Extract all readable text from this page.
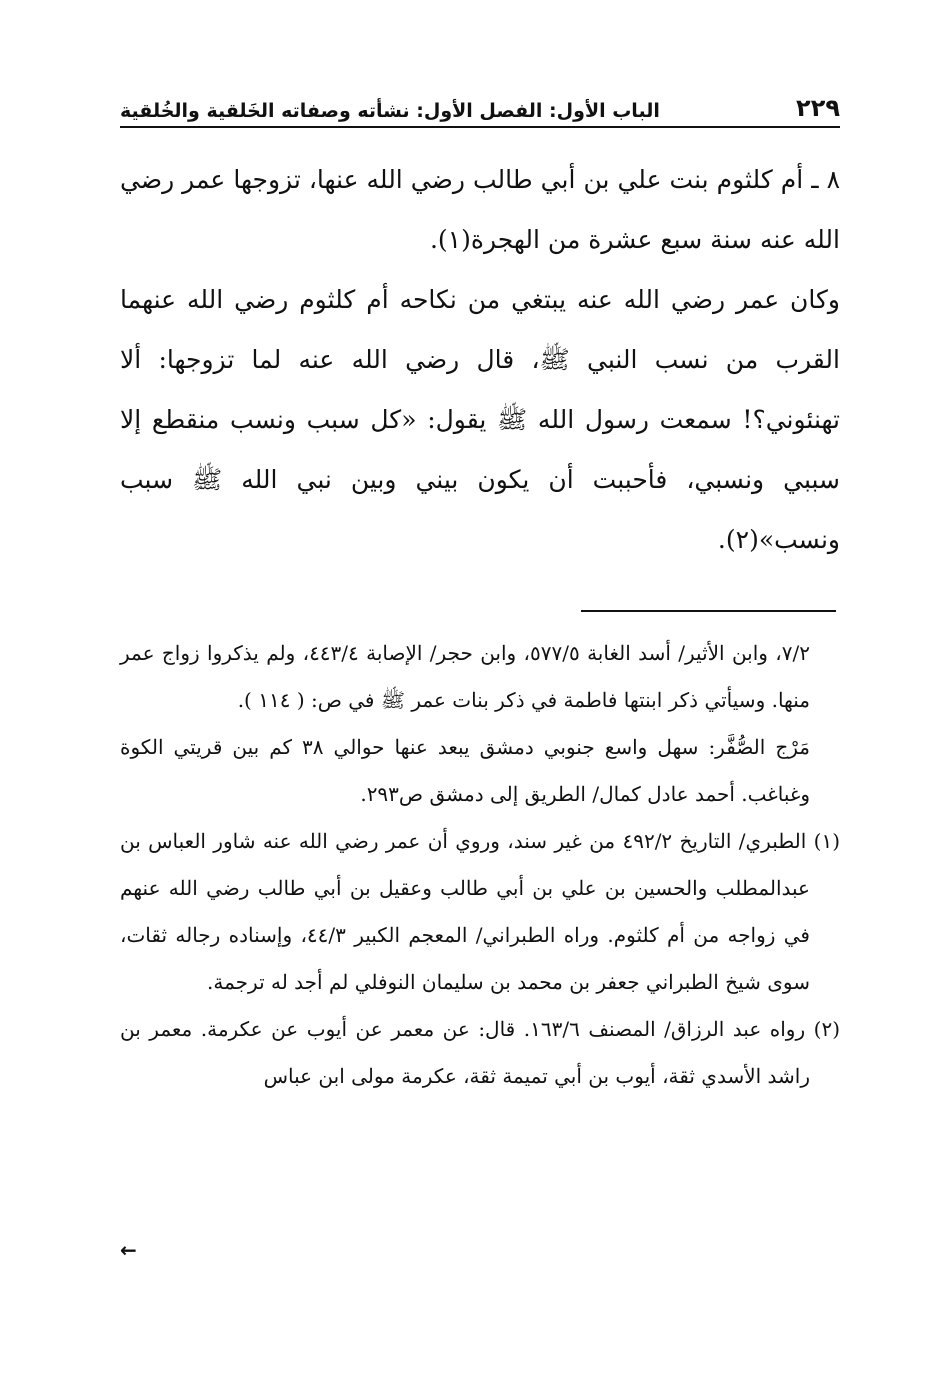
٢٢٩
الباب الأول: الفصل الأول: نشأته وصفاته الخَلقية والخُلقية

٨ ـ أم كلثوم بنت علي بن أبي طالب رضي الله عنها، تزوجها عمر رضي الله عنه سنة سبع عشرة من الهجرة(١).

وكان عمر رضي الله عنه يبتغي من نكاحه أم كلثوم رضي الله عنهما القرب من نسب النبي ﷺ، قال رضي الله عنه لما تزوجها: ألا تهنئوني؟! سمعت رسول الله ﷺ يقول: «كل سبب ونسب منقطع إلا سببي ونسبي، فأحببت أن يكون بيني وبين نبي الله ﷺ سبب ونسب»(٢).

٧/٢، وابن الأثير/ أسد الغابة ٥٧٧/٥، وابن حجر/ الإصابة ٤٤٣/٤، ولم يذكروا زواج عمر منها. وسيأتي ذكر ابنتها فاطمة في ذكر بنات عمر ﷺ في ص: ( ١١٤ ).

مَرْج الصُّفَّر: سهل واسع جنوبي دمشق يبعد عنها حوالي ٣٨ كم بين قريتي الكوة وغباغب. أحمد عادل كمال/ الطريق إلى دمشق ص٢٩٣.

(١) الطبري/ التاريخ ٤٩٢/٢ من غير سند، وروي أن عمر رضي الله عنه شاور العباس بن عبدالمطلب والحسين بن علي بن أبي طالب وعقيل بن أبي طالب رضي الله عنهم في زواجه من أم كلثوم. وراه الطبراني/ المعجم الكبير ٤٤/٣، وإسناده رجاله ثقات، سوى شيخ الطبراني جعفر بن محمد بن سليمان النوفلي لم أجد له ترجمة.

(٢) رواه عبد الرزاق/ المصنف ١٦٣/٦. قال: عن معمر عن أيوب عن عكرمة. معمر بن راشد الأسدي ثقة، أيوب بن أبي تميمة ثقة، عكرمة مولى ابن عباس

←
